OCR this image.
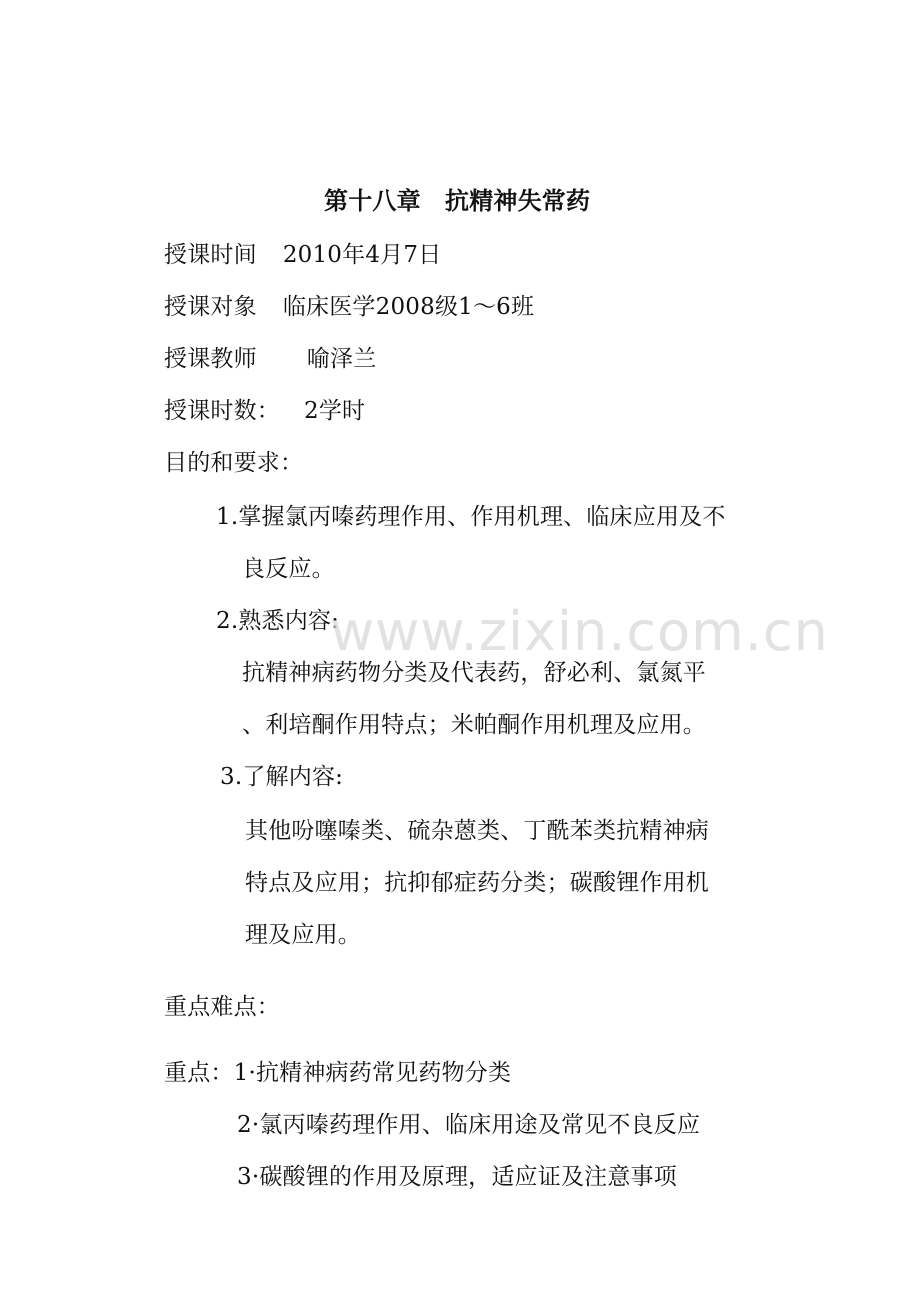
第十八章　抗精神失常药
授课时间 2010年4月7日
授课对象 临床医学2008级1～6班
授课教师 喻泽兰
授课时数： 2学时
目的和要求：
1.掌握氯丙嗪药理作用、作用机理、临床应用及不
良反应。
2.熟悉内容:
抗精神病药物分类及代表药，舒必利、氯氮平
、利培酮作用特点；米帕酮作用机理及应用。
3.了解内容:
其他吩噻嗪类、硫杂蒽类、丁酰苯类抗精神病
特点及应用；抗抑郁症药分类；碳酸锂作用机
理及应用。
重点难点：
重点：1·抗精神病药常见药物分类
2·氯丙嗪药理作用、临床用途及常见不良反应
3·碳酸锂的作用及原理，适应证及注意事项
www.zixin.com.cn
